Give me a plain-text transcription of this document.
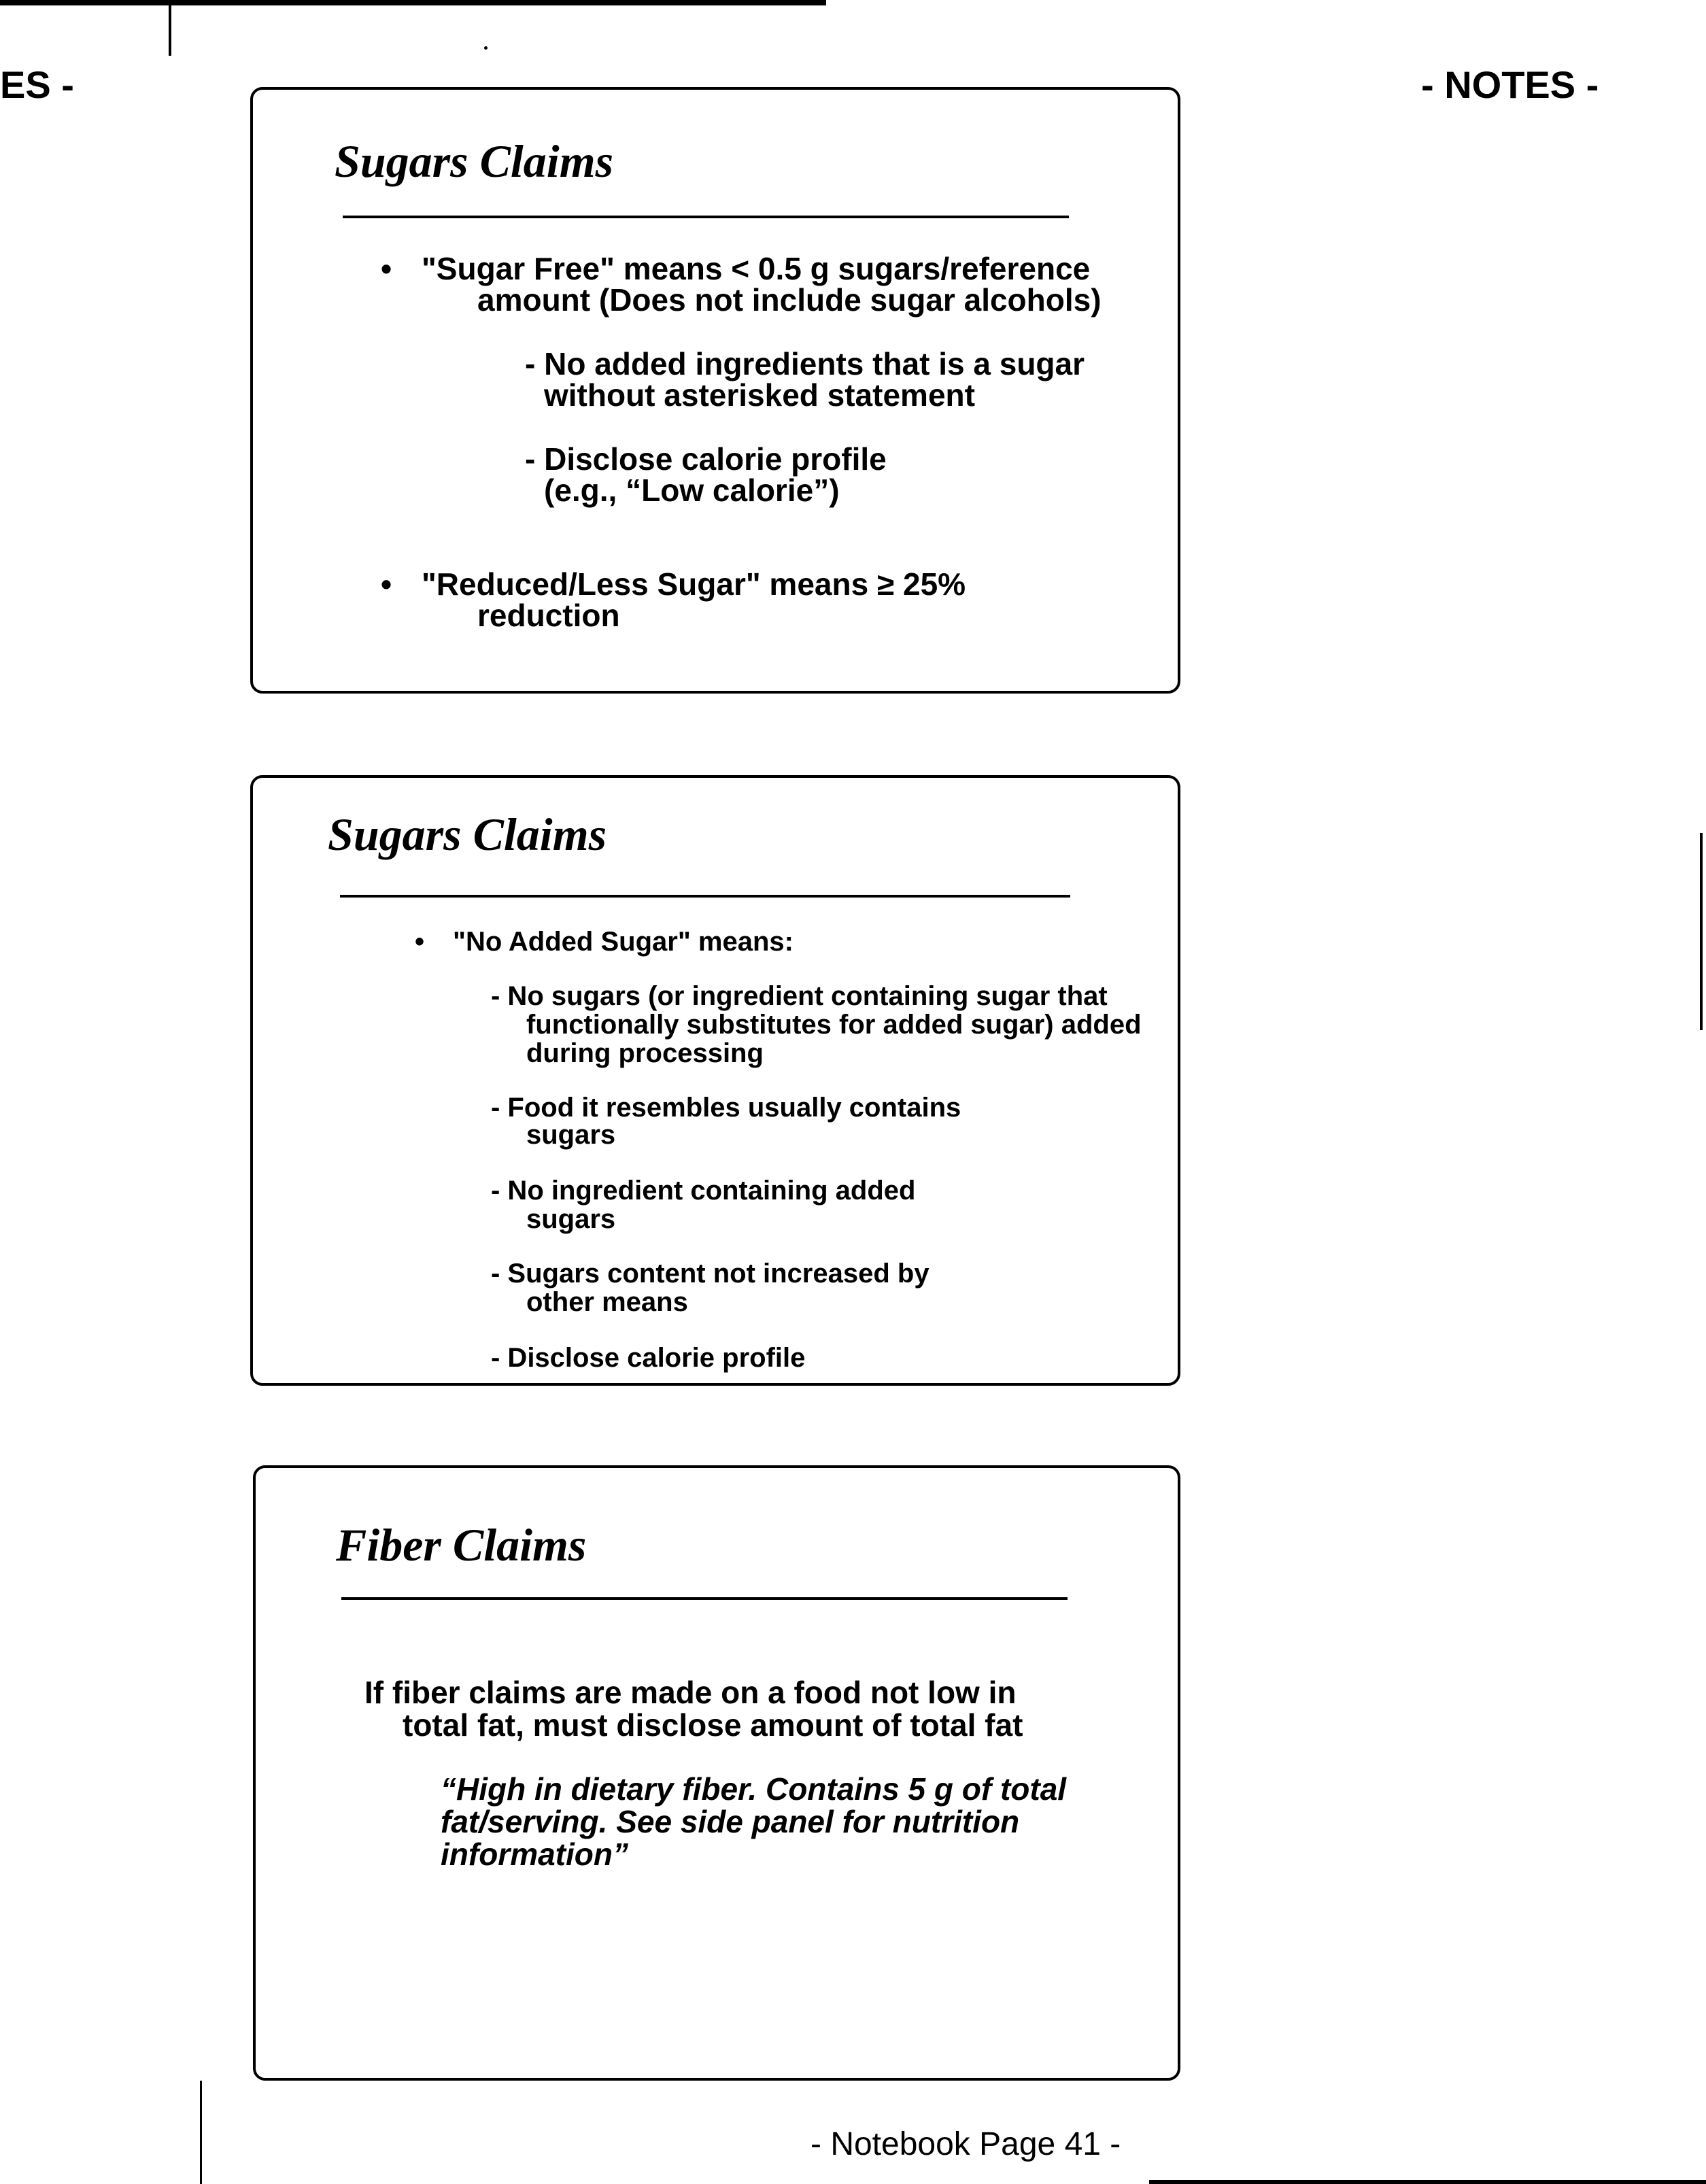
ES -	- NOTES -
Sugars Claims
• "Sugar Free" means < 0.5 g sugars/reference
amount (Does not include sugar alcohols)
- No added ingredients that is a sugar
without asterisked statement
- Disclose calorie profile
(e.g., “Low calorie”)
• "Reduced/Less Sugar" means ≥ 25%
reduction
Sugars Claims
• "No Added Sugar" means:
- No sugars (or ingredient containing sugar that
functionally substitutes for added sugar) added
during processing
- Food it resembles usually contains
sugars
- No ingredient containing added
sugars
- Sugars content not increased by
other means
- Disclose calorie profile
Fiber Claims
If fiber claims are made on a food not low in
total fat, must disclose amount of total fat
“High in dietary fiber. Contains 5 g of total
fat/serving. See side panel for nutrition
information”
- Notebook Page 41 -
